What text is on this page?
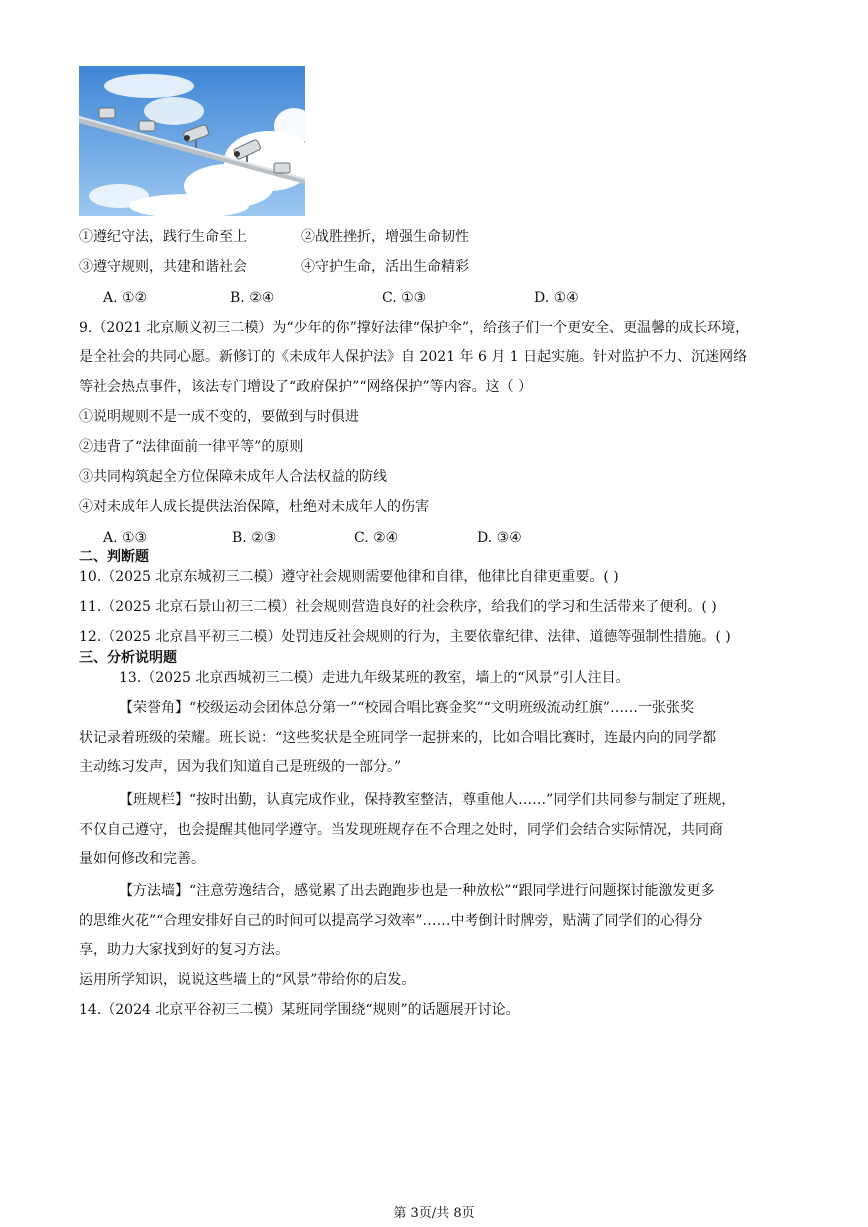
①遵纪守法，践行生命至上	②战胜挫折，增强生命韧性
③遵守规则，共建和谐社会	④守护生命，活出生命精彩
A. ①②	B. ②④	C. ①③	D. ①④
9.（2021 北京顺义初三二模）为“少年的你”撑好法律“保护伞”，给孩子们一个更安全、更温馨的成长环境，
是全社会的共同心愿。新修订的《未成年人保护法》自 2021 年 6 月 1 日起实施。针对监护不力、沉迷网络
等社会热点事件，该法专门增设了“政府保护”“网络保护”等内容。这（ ）
①说明规则不是一成不变的，要做到与时俱进
②违背了“法律面前一律平等”的原则
③共同构筑起全方位保障未成年人合法权益的防线
④对未成年人成长提供法治保障，杜绝对未成年人的伤害
A. ①③	B. ②③	C. ②④	D. ③④
二、判断题
10.（2025 北京东城初三二模）遵守社会规则需要他律和自律，他律比自律更重要。( )
11.（2025 北京石景山初三二模）社会规则营造良好的社会秩序，给我们的学习和生活带来了便利。( )
12.（2025 北京昌平初三二模）处罚违反社会规则的行为，主要依靠纪律、法律、道德等强制性措施。( )
三、分析说明题
13.（2025 北京西城初三二模）走进九年级某班的教室，墙上的“风景”引人注目。
【荣誉角】“校级运动会团体总分第一”“校园合唱比赛金奖”“文明班级流动红旗”……一张张奖
状记录着班级的荣耀。班长说：“这些奖状是全班同学一起拼来的，比如合唱比赛时，连最内向的同学都
主动练习发声，因为我们知道自己是班级的一部分。”
【班规栏】“按时出勤，认真完成作业，保持教室整洁，尊重他人……”同学们共同参与制定了班规，
不仅自己遵守，也会提醒其他同学遵守。当发现班规存在不合理之处时，同学们会结合实际情况，共同商
量如何修改和完善。
【方法墙】“注意劳逸结合，感觉累了出去跑跑步也是一种放松”“跟同学进行问题探讨能激发更多
的思维火花”“合理安排好自己的时间可以提高学习效率”……中考倒计时牌旁，贴满了同学们的心得分
享，助力大家找到好的复习方法。
运用所学知识，说说这些墙上的“风景”带给你的启发。
14.（2024 北京平谷初三二模）某班同学围绕“规则”的话题展开讨论。
第 3页/共 8页
